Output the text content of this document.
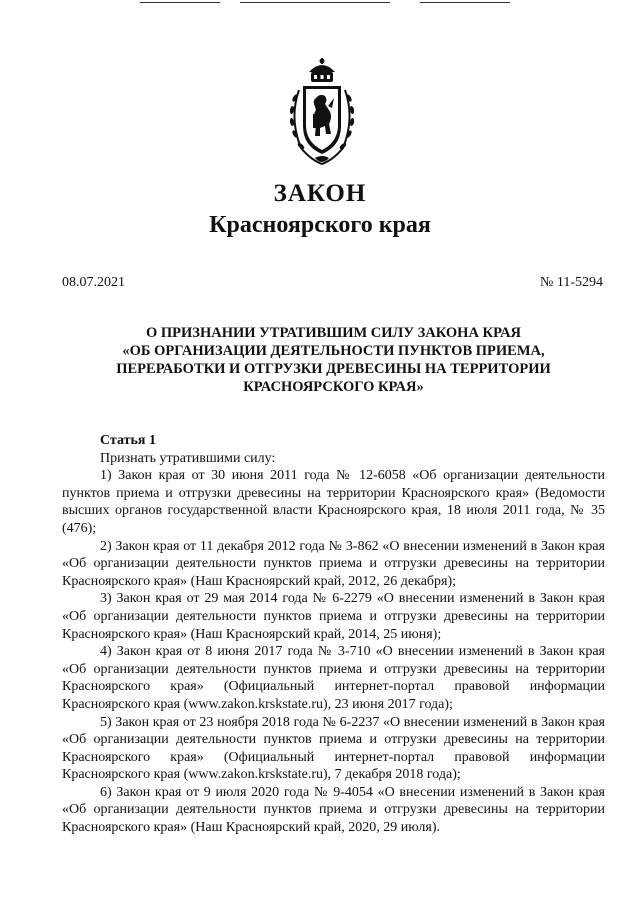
ЗАКОН
Красноярского края
08.07.2021	№ 11-5294
О ПРИЗНАНИИ УТРАТИВШИМ СИЛУ ЗАКОНА КРАЯ
«ОБ ОРГАНИЗАЦИИ ДЕЯТЕЛЬНОСТИ ПУНКТОВ ПРИЕМА,
ПЕРЕРАБОТКИ И ОТГРУЗКИ ДРЕВЕСИНЫ НА ТЕРРИТОРИИ
КРАСНОЯРСКОГО КРАЯ»
Статья 1
Признать утратившими силу:

1) Закон края от 30 июня 2011 года № 12-6058 «Об организации деятельности пунктов приема и отгрузки древесины на территории Красноярского края» (Ведомости высших органов государственной власти Красноярского края, 18 июля 2011 года, № 35 (476);

2) Закон края от 11 декабря 2012 года № 3-862 «О внесении изменений в Закон края «Об организации деятельности пунктов приема и отгрузки древесины на территории Красноярского края» (Наш Красноярский край, 2012, 26 декабря);

3) Закон края от 29 мая 2014 года № 6-2279 «О внесении изменений в Закон края «Об организации деятельности пунктов приема и отгрузки древесины на территории Красноярского края» (Наш Красноярский край, 2014, 25 июня);

4) Закон края от 8 июня 2017 года № 3-710 «О внесении изменений в Закон края «Об организации деятельности пунктов приема и отгрузки древесины на территории Красноярского края» (Официальный интернет-портал правовой информации Красноярского края (www.zakon.krskstate.ru), 23 июня 2017 года);

5) Закон края от 23 ноября 2018 года № 6-2237 «О внесении изменений в Закон края «Об организации деятельности пунктов приема и отгрузки древесины на территории Красноярского края» (Официальный интернет-портал правовой информации Красноярского края (www.zakon.krskstate.ru), 7 декабря 2018 года);

6) Закон края от 9 июля 2020 года № 9-4054 «О внесении изменений в Закон края «Об организации деятельности пунктов приема и отгрузки древесины на территории Красноярского края» (Наш Красноярский край, 2020, 29 июля).
